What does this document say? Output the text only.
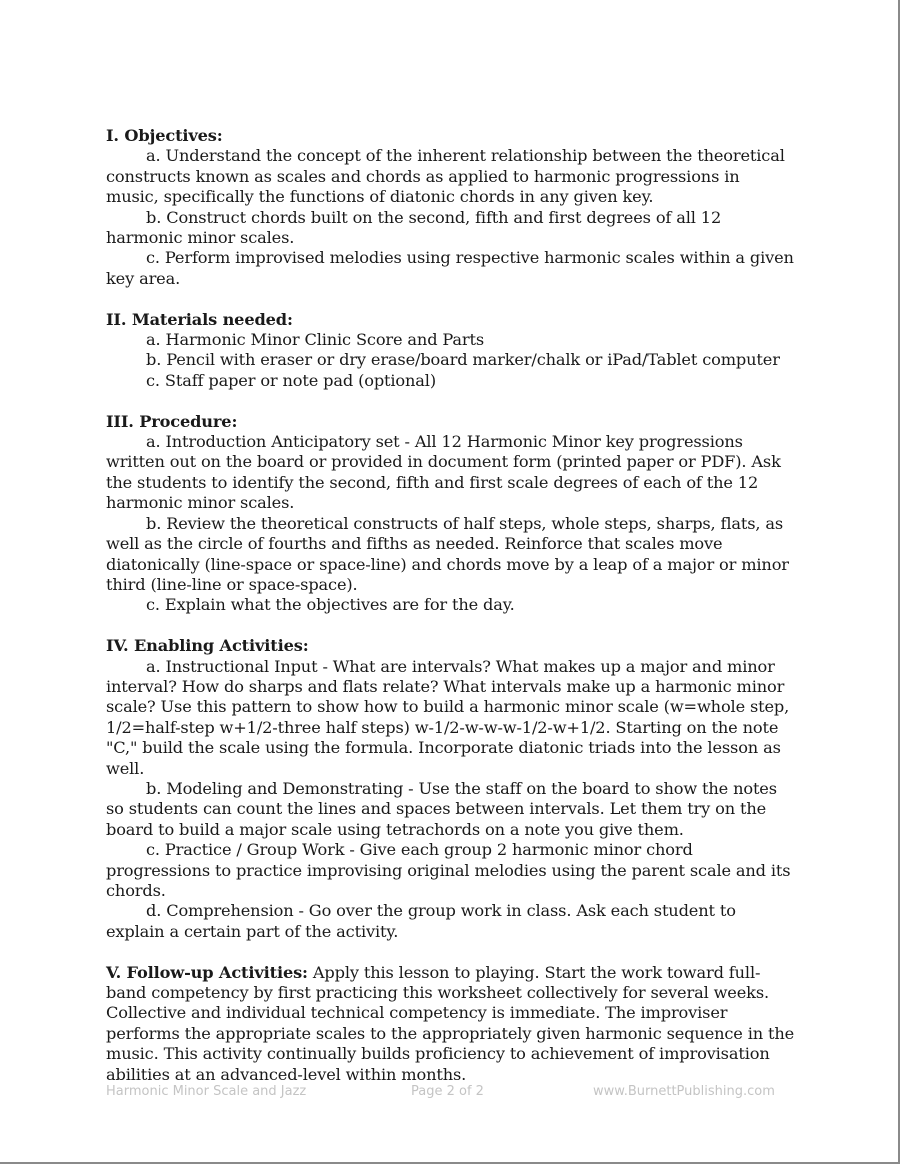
I. Objectives:

a. Understand the concept of the inherent relationship between the theoretical constructs known as scales and chords as applied to harmonic progressions in music, specifically the functions of diatonic chords in any given key.

b. Construct chords built on the second, fifth and first degrees of all 12 harmonic minor scales.

c. Perform improvised melodies using respective harmonic scales within a given key area.

II. Materials needed:

a. Harmonic Minor Clinic Score and Parts

b. Pencil with eraser or dry erase/board marker/chalk or iPad/Tablet computer

c. Staff paper or note pad (optional)

III. Procedure:

a. Introduction Anticipatory set - All 12 Harmonic Minor key progressions written out on the board or provided in document form (printed paper or PDF). Ask the students to identify the second, fifth and first scale degrees of each of the 12 harmonic minor scales.

b. Review the theoretical constructs of half steps, whole steps, sharps, flats, as well as the circle of fourths and fifths as needed. Reinforce that scales move diatonically (line-space or space-line) and chords move by a leap of a major or minor third (line-line or space-space).

c. Explain what the objectives are for the day.

IV. Enabling Activities:

a. Instructional Input - What are intervals? What makes up a major and minor interval? How do sharps and flats relate? What intervals make up a harmonic minor scale? Use this pattern to show how to build a harmonic minor scale (w=whole step, 1/2=half-step w+1/2-three half steps) w-1/2-w-w-w-1/2-w+1/2. Starting on the note "C," build the scale using the formula. Incorporate diatonic triads into the lesson as well.

b. Modeling and Demonstrating - Use the staff on the board to show the notes so students can count the lines and spaces between intervals. Let them try on the board to build a major scale using tetrachords on a note you give them.

c. Practice / Group Work - Give each group 2 harmonic minor chord progressions to practice improvising original melodies using the parent scale and its chords.

d. Comprehension - Go over the group work in class. Ask each student to explain a certain part of the activity.

V. Follow-up Activities: Apply this lesson to playing. Start the work toward full-band competency by first practicing this worksheet collectively for several weeks. Collective and individual technical competency is immediate. The improviser performs the appropriate scales to the appropriately given harmonic sequence in the music. This activity continually builds proficiency to achievement of improvisation abilities at an advanced-level within months.

Harmonic Minor Scale and Jazz	Page 2 of 2	www.BurnettPublishing.com
